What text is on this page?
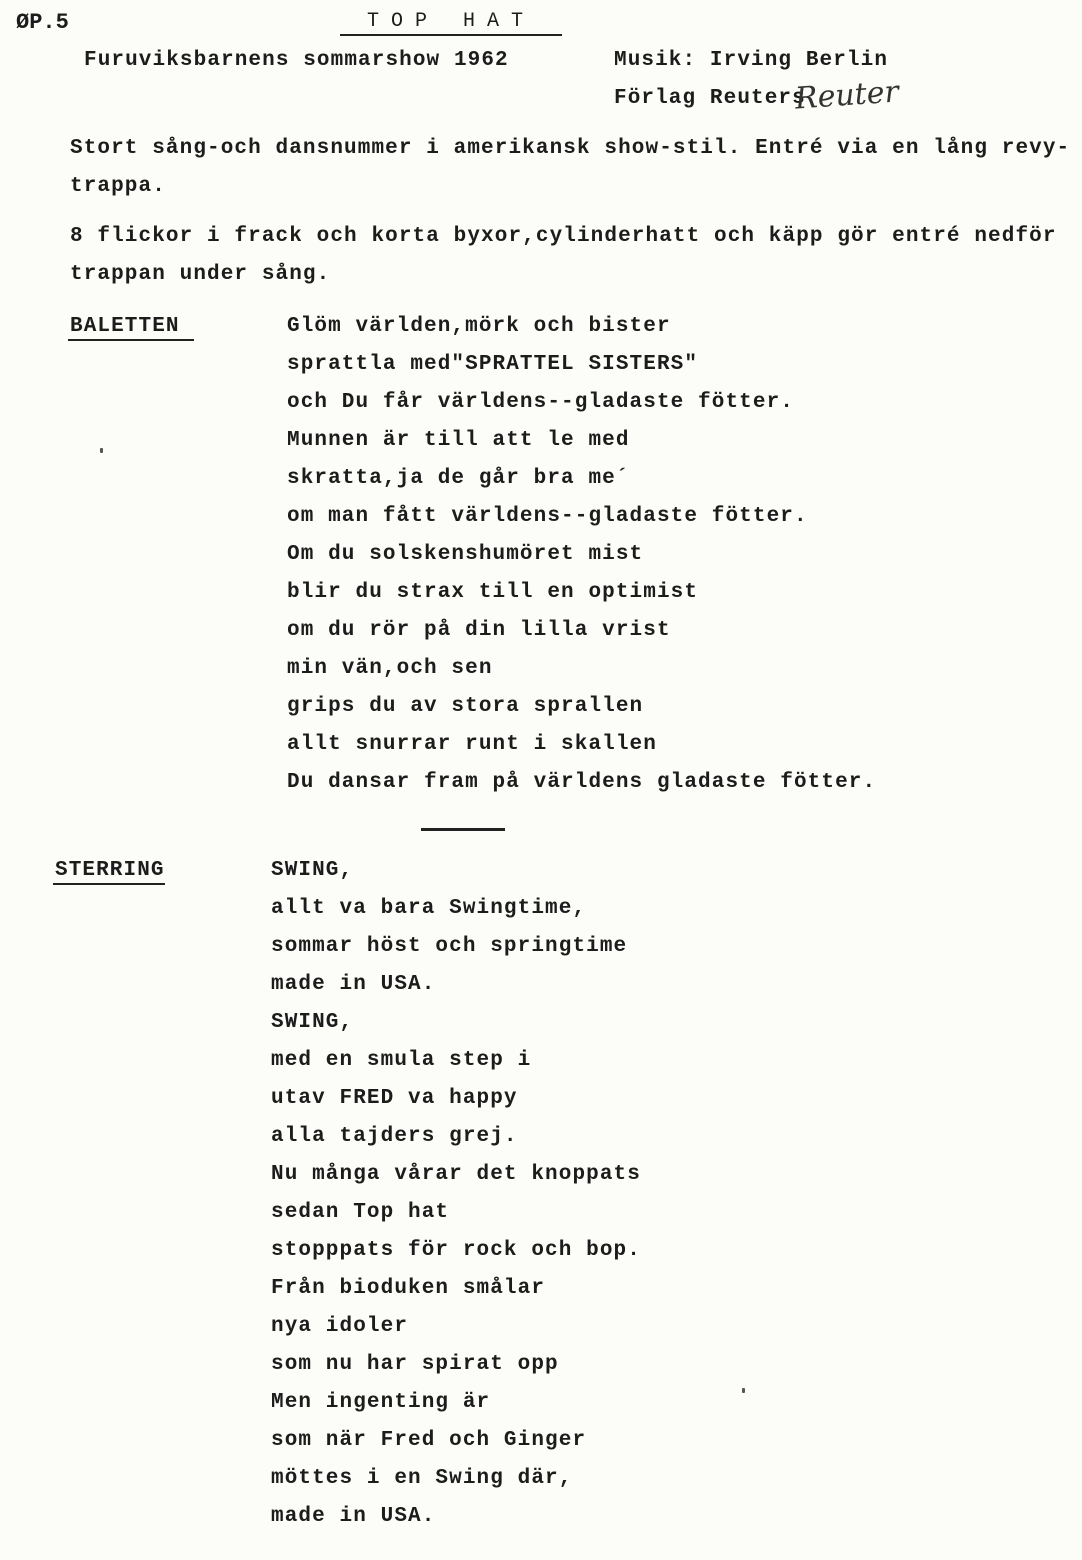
ØP.5	TOP HAT
Furuviksbarnens sommarshow 1962	Musik: Irving Berlin
Förlag Reuters
Reuter
Stort sång-och dansnummer i amerikansk show-stil. Entré via en lång revy-
trappa.
8 flickor i frack och korta byxor,cylinderhatt och käpp gör entré nedför
trappan under sång.
BALETTEN	Glöm världen,mörk och bister
sprattla med"SPRATTEL SISTERS"
och Du får världens--gladaste fötter.
Munnen är till att le med
skratta,ja de går bra me´
om man fått världens--gladaste fötter.
Om du solskenshumöret mist
blir du strax till en optimist
om du rör på din lilla vrist
min vän,och sen
grips du av stora sprallen
allt snurrar runt i skallen
Du dansar fram på världens gladaste fötter.
STERRING	SWING,
allt va bara Swingtime,
sommar höst och springtime
made in USA.
SWING,
med en smula step i
utav FRED va happy
alla tajders grej.
Nu många vårar det knoppats
sedan Top hat
stopppats för rock och bop.
Från bioduken smålar
nya idoler
som nu har spirat opp
Men ingenting är
som när Fred och Ginger
möttes i en Swing där,
made in USA.
